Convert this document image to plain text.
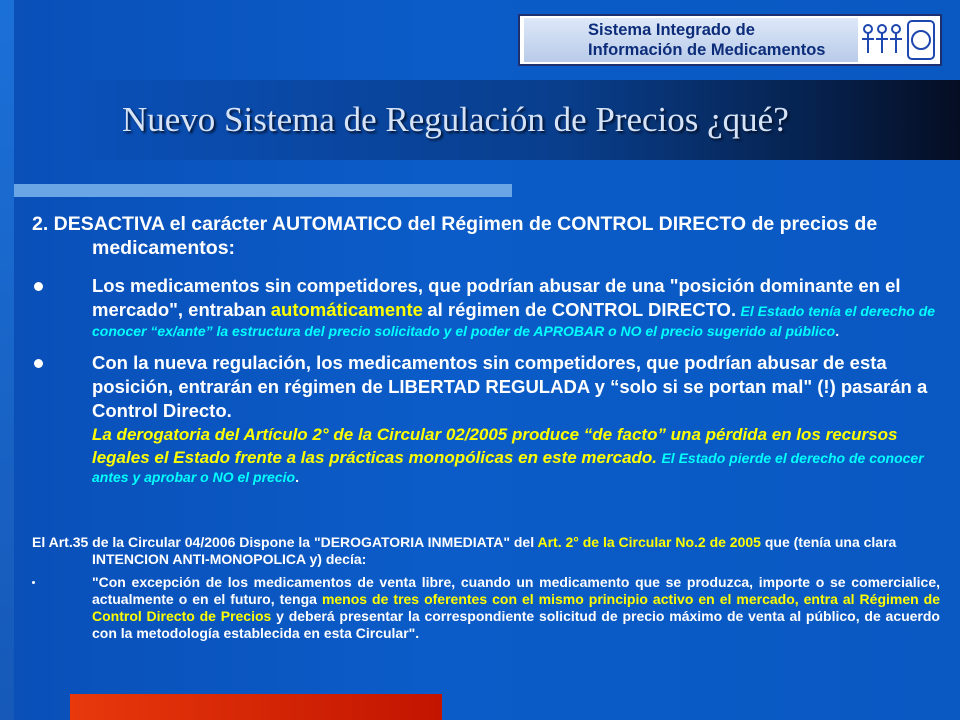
Sistema Integrado de
Información de Medicamentos
Nuevo Sistema de Regulación de Precios ¿qué?

2. DESACTIVA el carácter AUTOMATICO del Régimen de CONTROL DIRECTO de precios de medicamentos:

Los medicamentos sin competidores, que podrían abusar de una "posición dominante en el mercado", entraban automáticamente al régimen de CONTROL DIRECTO. El Estado tenía el derecho de conocer “ex/ante” la estructura del precio solicitado y el poder de APROBAR o NO el precio sugerido al público.
Con la nueva regulación, los medicamentos sin competidores, que podrían abusar de esta posición, entrarán en régimen de LIBERTAD REGULADA y “solo si se portan mal" (!) pasarán a Control Directo.
La derogatoria del Artículo 2° de la Circular 02/2005 produce “de facto” una pérdida en los recursos legales el Estado frente a las prácticas monopólicas en este mercado. El Estado pierde el derecho de conocer antes y aprobar o NO el precio.

El Art.35 de la Circular 04/2006 Dispone la "DEROGATORIA INMEDIATA" del Art. 2° de la Circular No.2 de 2005 que (tenía una clara INTENCION ANTI-MONOPOLICA y) decía:

"Con excepción de los medicamentos de venta libre, cuando un medicamento que se produzca, importe o se comercialice, actualmente o en el futuro, tenga menos de tres oferentes con el mismo principio activo en el mercado, entra al Régimen de Control Directo de Precios y deberá presentar la correspondiente solicitud de precio máximo de venta al público, de acuerdo con la metodología establecida en esta Circular".
